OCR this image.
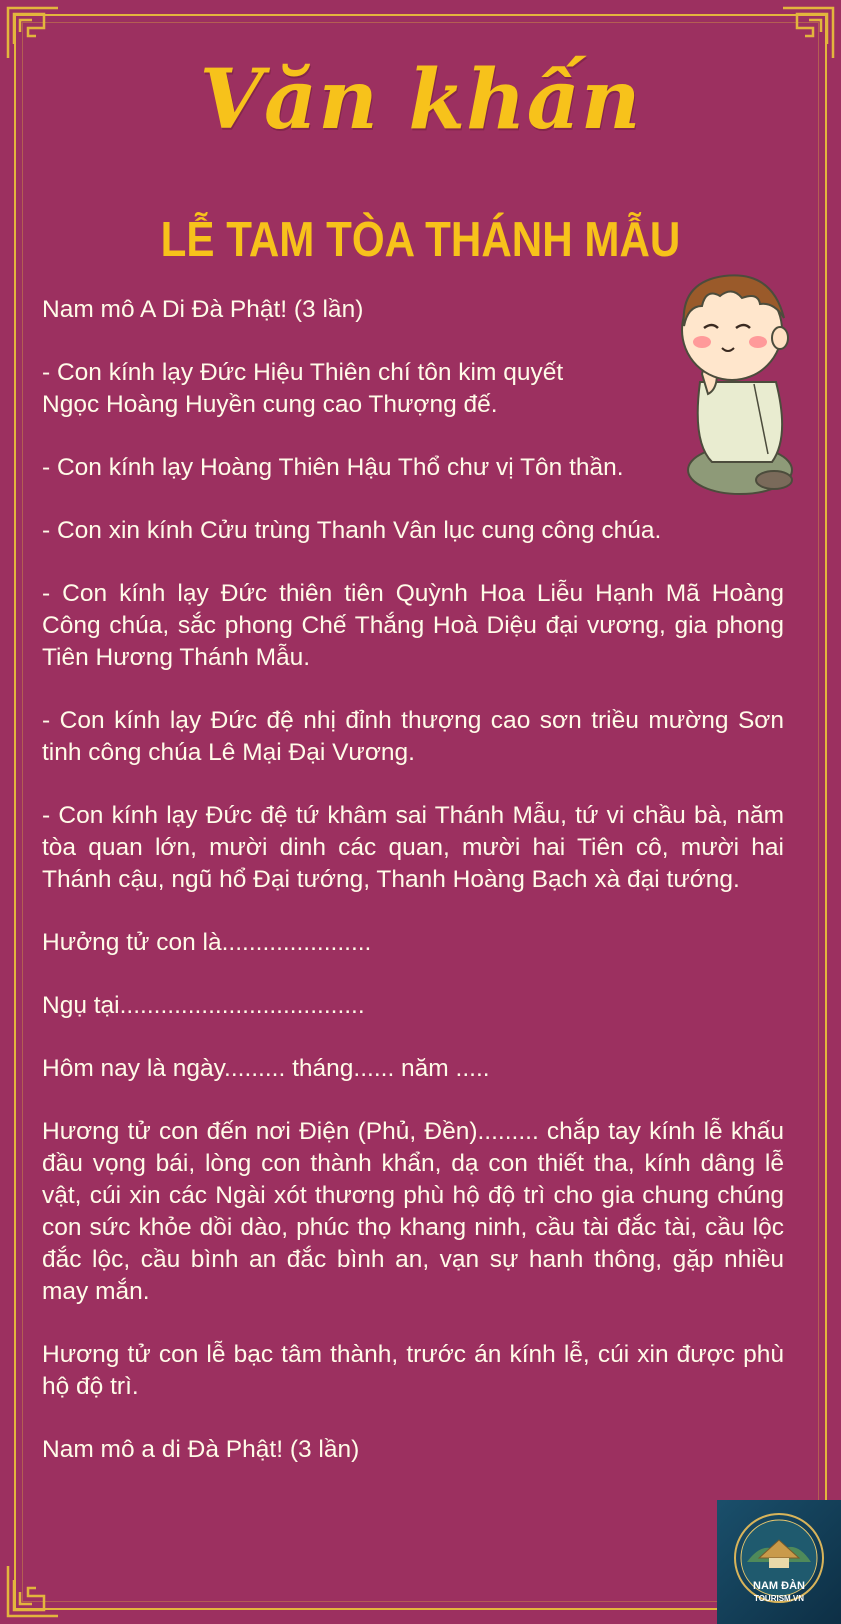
Văn khấn
LỄ TAM TÒA THÁNH MẪU

Nam mô A Di Đà Phật! (3 lần)

- Con kính lạy Đức Hiệu Thiên chí tôn kim quyết Ngọc Hoàng Huyền cung cao Thượng đế.

- Con kính lạy Hoàng Thiên Hậu Thổ chư vị Tôn thần.

- Con xin kính Cửu trùng Thanh Vân lục cung công chúa.

- Con kính lạy Đức thiên tiên Quỳnh Hoa Liễu Hạnh Mã Hoàng Công chúa, sắc phong Chế Thắng Hoà Diệu đại vương, gia phong Tiên Hương Thánh Mẫu.

- Con kính lạy Đức đệ nhị đỉnh thượng cao sơn triều mường Sơn tinh công chúa Lê Mại Đại Vương.

- Con kính lạy Đức đệ tứ khâm sai Thánh Mẫu, tứ vi chầu bà, năm tòa quan lớn, mười dinh các quan, mười hai Tiên cô, mười hai Thánh cậu, ngũ hổ Đại tướng, Thanh Hoàng Bạch xà đại tướng.

Hưởng tử con là......................

Ngụ tại....................................

Hôm nay là ngày......... tháng...... năm .....

Hương tử con đến nơi Điện (Phủ, Đền)......... chắp tay kính lễ khấu đầu vọng bái, lòng con thành khẩn, dạ con thiết tha, kính dâng lễ vật, cúi xin các Ngài xót thương phù hộ độ trì cho gia chung chúng con sức khỏe dồi dào, phúc thọ khang ninh, cầu tài đắc tài, cầu lộc đắc lộc, cầu bình an đắc bình an, vạn sự hanh thông, gặp nhiều may mắn.

Hương tử con lễ bạc tâm thành, trước án kính lễ, cúi xin được phù hộ độ trì.

Nam mô a di Đà Phật! (3 lần)

NAM ĐÀN
TOURISM.VN
